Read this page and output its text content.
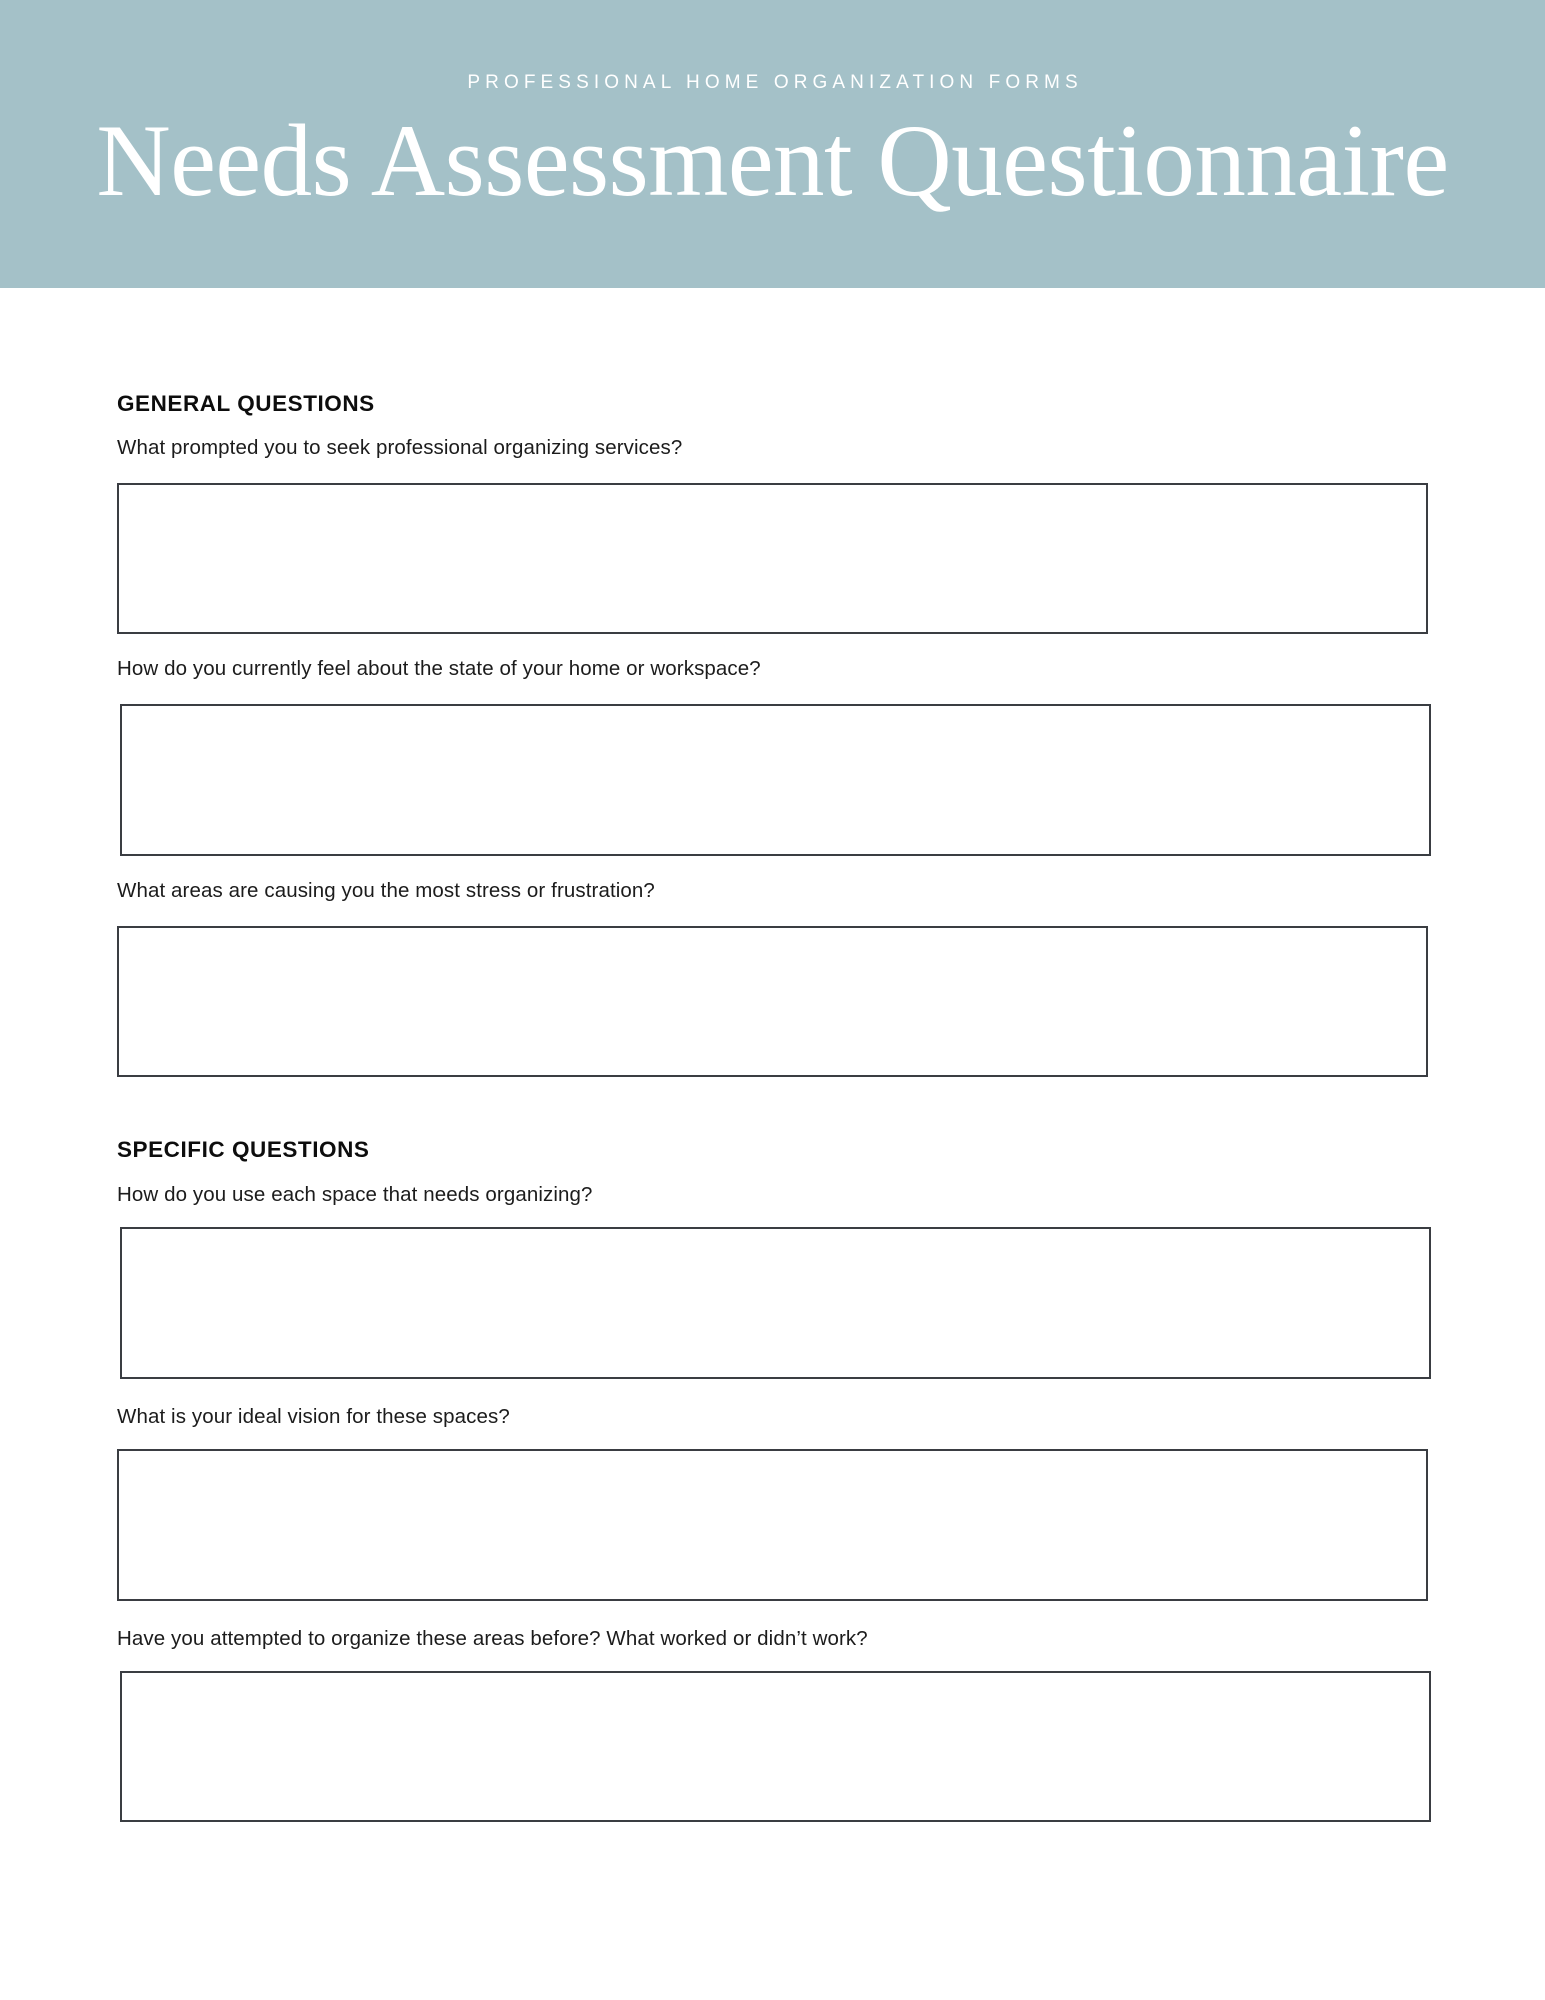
PROFESSIONAL HOME ORGANIZATION FORMS
Needs Assessment Questionnaire
GENERAL QUESTIONS
What prompted you to seek professional organizing services?
How do you currently feel about the state of your home or workspace?
What areas are causing you the most stress or frustration?
SPECIFIC QUESTIONS
How do you use each space that needs organizing?
What is your ideal vision for these spaces?
Have you attempted to organize these areas before? What worked or didn’t work?
